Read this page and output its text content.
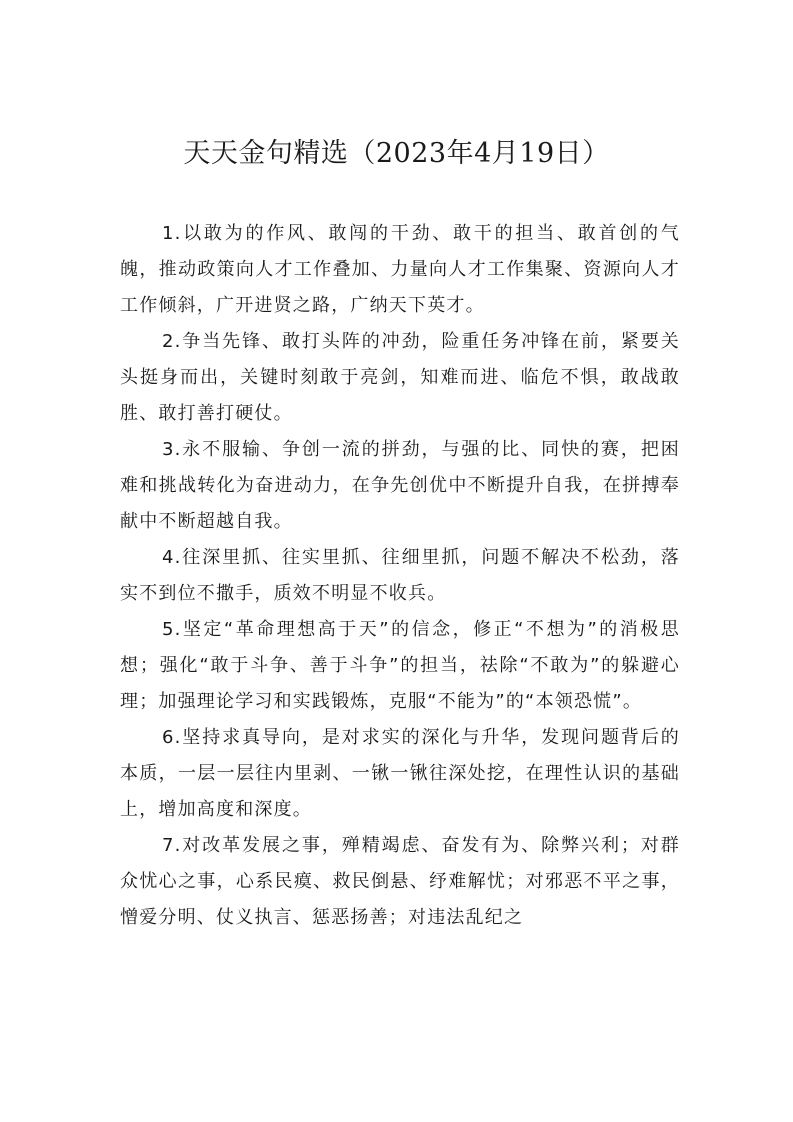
天天金句精选（2023年4月19日）

1.以敢为的作风、敢闯的干劲、敢干的担当、敢首创的气魄，推动政策向人才工作叠加、力量向人才工作集聚、资源向人才工作倾斜，广开进贤之路，广纳天下英才。

2.争当先锋、敢打头阵的冲劲，险重任务冲锋在前，紧要关头挺身而出，关键时刻敢于亮剑，知难而进、临危不惧，敢战敢胜、敢打善打硬仗。

3.永不服输、争创一流的拼劲，与强的比、同快的赛，把困难和挑战转化为奋进动力，在争先创优中不断提升自我，在拼搏奉献中不断超越自我。

4.往深里抓、往实里抓、往细里抓，问题不解决不松劲，落实不到位不撒手，质效不明显不收兵。

5.坚定“革命理想高于天”的信念，修正“不想为”的消极思想；强化“敢于斗争、善于斗争”的担当，祛除“不敢为”的躲避心理；加强理论学习和实践锻炼，克服“不能为”的“本领恐慌”。

6.坚持求真导向，是对求实的深化与升华，发现问题背后的本质，一层一层往内里剥、一锹一锹往深处挖，在理性认识的基础上，增加高度和深度。

7.对改革发展之事，殚精竭虑、奋发有为、除弊兴利；对群众忧心之事，心系民瘼、救民倒悬、纾难解忧；对邪恶不平之事，憎爱分明、仗义执言、惩恶扬善；对违法乱纪之
